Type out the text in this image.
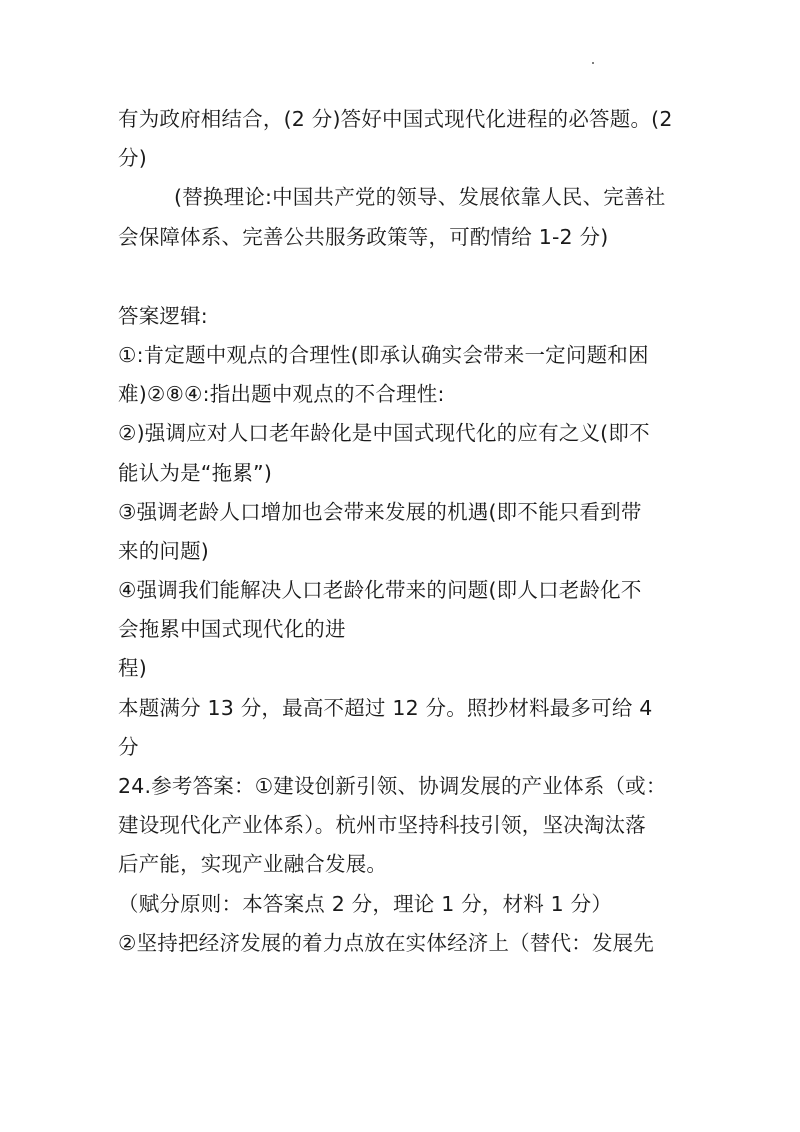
有为政府相结合，(2 分)答好中国式现代化进程的必答题。(2
分)
(替换理论:中国共产党的领导、发展依靠人民、完善社
会保障体系、完善公共服务政策等，可酌情给 1-2 分)
答案逻辑:
①:肯定题中观点的合理性(即承认确实会带来一定问题和困
难)②⑧④:指出题中观点的不合理性:
②)强调应对人口老年龄化是中国式现代化的应有之义(即不
能认为是“拖累”)
③强调老龄人口增加也会带来发展的机遇(即不能只看到带
来的问题)
④强调我们能解决人口老龄化带来的问题(即人口老龄化不
会拖累中国式现代化的进
程)
本题满分 13 分，最高不超过 12 分。照抄材料最多可给 4
分
24.参考答案：①建设创新引领、协调发展的产业体系（或：
建设现代化产业体系）。杭州市坚持科技引领，坚决淘汰落
后产能，实现产业融合发展。
（赋分原则：本答案点 2 分，理论 1 分，材料 1 分）
②坚持把经济发展的着力点放在实体经济上（替代：发展先
